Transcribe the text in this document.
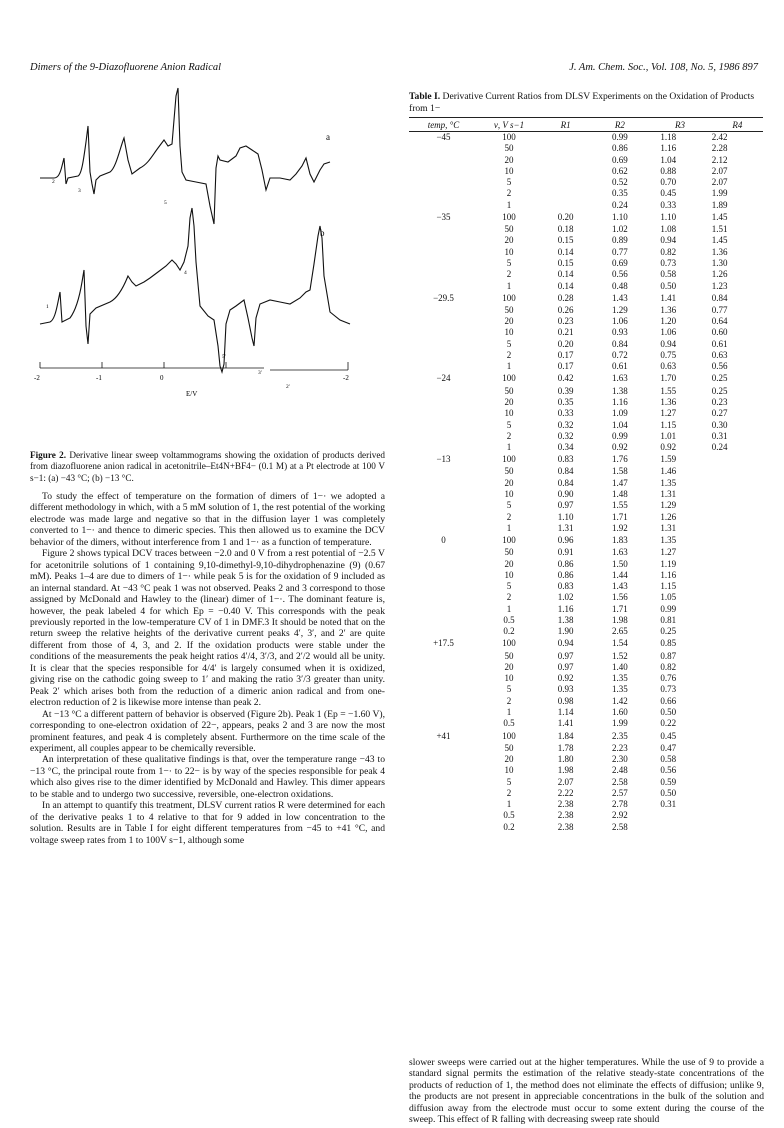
Dimers of the 9-Diazofluorene Anion Radical	J. Am. Chem. Soc., Vol. 108, No. 5, 1986 897
2
3
5
a
1
4
5'
3'
2'
b
-2	-1	0	-2
E/V

Figure 2. Derivative linear sweep voltammograms showing the oxidation of products derived from diazofluorene anion radical in acetonitrile–Et4N+BF4− (0.1 M) at a Pt electrode at 100 V s−1: (a) −43 °C; (b) −13 °C.

To study the effect of temperature on the formation of dimers of 1−· we adopted a different methodology in which, with a 5 mM solution of 1, the rest potential of the working electrode was made large and negative so that in the diffusion layer 1 was completely converted to 1−· and thence to dimeric species. This then allowed us to examine the DCV behavior of the dimers, without interference from 1 and 1−· as a function of temperature.

Figure 2 shows typical DCV traces between −2.0 and 0 V from a rest potential of −2.5 V for acetonitrile solutions of 1 containing 9,10-dimethyl-9,10-dihydrophenazine (9) (0.67 mM). Peaks 1–4 are due to dimers of 1−· while peak 5 is for the oxidation of 9 included as an internal standard. At −43 °C peak 1 was not observed. Peaks 2 and 3 correspond to those assigned by McDonald and Hawley to the (linear) dimer of 1−·. The dominant feature is, however, the peak labeled 4 for which Ep = −0.40 V. This corresponds with the peak previously reported in the low-temperature CV of 1 in DMF.3 It should be noted that on the return sweep the relative heights of the derivative current peaks 4′, 3′, and 2′ are quite different from those of 4, 3, and 2. If the oxidation products were stable under the conditions of the measurements the peak height ratios 4′/4, 3′/3, and 2′/2 would all be unity. It is clear that the species responsible for 4/4′ is largely consumed when it is oxidized, giving rise on the cathodic going sweep to 1′ and making the ratio 3′/3 greater than unity. Peak 2′ which arises both from the reduction of a dimeric anion radical and from one-electron reduction of 2 is likewise more intense than peak 2.

At −13 °C a different pattern of behavior is observed (Figure 2b). Peak 1 (Ep = −1.60 V), corresponding to one-electron oxidation of 22−, appears, peaks 2 and 3 are now the most prominent features, and peak 4 is completely absent. Furthermore on the time scale of the experiment, all couples appear to be chemically reversible.

An interpretation of these qualitative findings is that, over the temperature range −43 to −13 °C, the principal route from 1−· to 22− is by way of the species responsible for peak 4 which also gives rise to the dimer identified by McDonald and Hawley. This dimer appears to be stable and to undergo two successive, reversible, one-electron oxidations.

In an attempt to quantify this treatment, DLSV current ratios R were determined for each of the derivative peaks 1 to 4 relative to that for 9 added in low concentration to the solution. Results are in Table I for eight different temperatures from −45 to +41 °C, and voltage sweep rates from 1 to 100V s−1, although some

Table I. Derivative Current Ratios from DLSV Experiments on the Oxidation of Products from 1−

temp, °C	ν, V s−1	R1	R2	R3	R4
−45	100		0.99	1.18	2.42
	50		0.86	1.16	2.28
	20		0.69	1.04	2.12
	10		0.62	0.88	2.07
	5		0.52	0.70	2.07
	2		0.35	0.45	1.99
	1		0.24	0.33	1.89
−35	100	0.20	1.10	1.10	1.45
	50	0.18	1.02	1.08	1.51
	20	0.15	0.89	0.94	1.45
	10	0.14	0.77	0.82	1.36
	5	0.15	0.69	0.73	1.30
	2	0.14	0.56	0.58	1.26
	1	0.14	0.48	0.50	1.23
−29.5	100	0.28	1.43	1.41	0.84
	50	0.26	1.29	1.36	0.77
	20	0.23	1.06	1.20	0.64
	10	0.21	0.93	1.06	0.60
	5	0.20	0.84	0.94	0.61
	2	0.17	0.72	0.75	0.63
	1	0.17	0.61	0.63	0.56
−24	100	0.42	1.63	1.70	0.25
	50	0.39	1.38	1.55	0.25
	20	0.35	1.16	1.36	0.23
	10	0.33	1.09	1.27	0.27
	5	0.32	1.04	1.15	0.30
	2	0.32	0.99	1.01	0.31
	1	0.34	0.92	0.92	0.24
−13	100	0.83	1.76	1.59	
	50	0.84	1.58	1.46	
	20	0.84	1.47	1.35	
	10	0.90	1.48	1.31	
	5	0.97	1.55	1.29	
	2	1.10	1.71	1.26	
	1	1.31	1.92	1.31	
0	100	0.96	1.83	1.35	
	50	0.91	1.63	1.27	
	20	0.86	1.50	1.19	
	10	0.86	1.44	1.16	
	5	0.83	1.43	1.15	
	2	1.02	1.56	1.05	
	1	1.16	1.71	0.99	
	0.5	1.38	1.98	0.81	
	0.2	1.90	2.65	0.25	
+17.5	100	0.94	1.54	0.85	
	50	0.97	1.52	0.87	
	20	0.97	1.40	0.82	
	10	0.92	1.35	0.76	
	5	0.93	1.35	0.73	
	2	0.98	1.42	0.66	
	1	1.14	1.60	0.50	
	0.5	1.41	1.99	0.22	
+41	100	1.84	2.35	0.45	
	50	1.78	2.23	0.47	
	20	1.80	2.30	0.58	
	10	1.98	2.48	0.56	
	5	2.07	2.58	0.59	
	2	2.22	2.57	0.50	
	1	2.38	2.78	0.31	
	0.5	2.38	2.92		
	0.2	2.38	2.58		

slower sweeps were carried out at the higher temperatures. While the use of 9 to provide a standard signal permits the estimation of the relative steady-state concentrations of the products of reduction of 1, the method does not eliminate the effects of diffusion; unlike 9, the products are not present in appreciable concentrations in the bulk of the solution and diffusion away from the electrode must occur to some extent during the course of the sweep. This effect of R falling with decreasing sweep rate should
